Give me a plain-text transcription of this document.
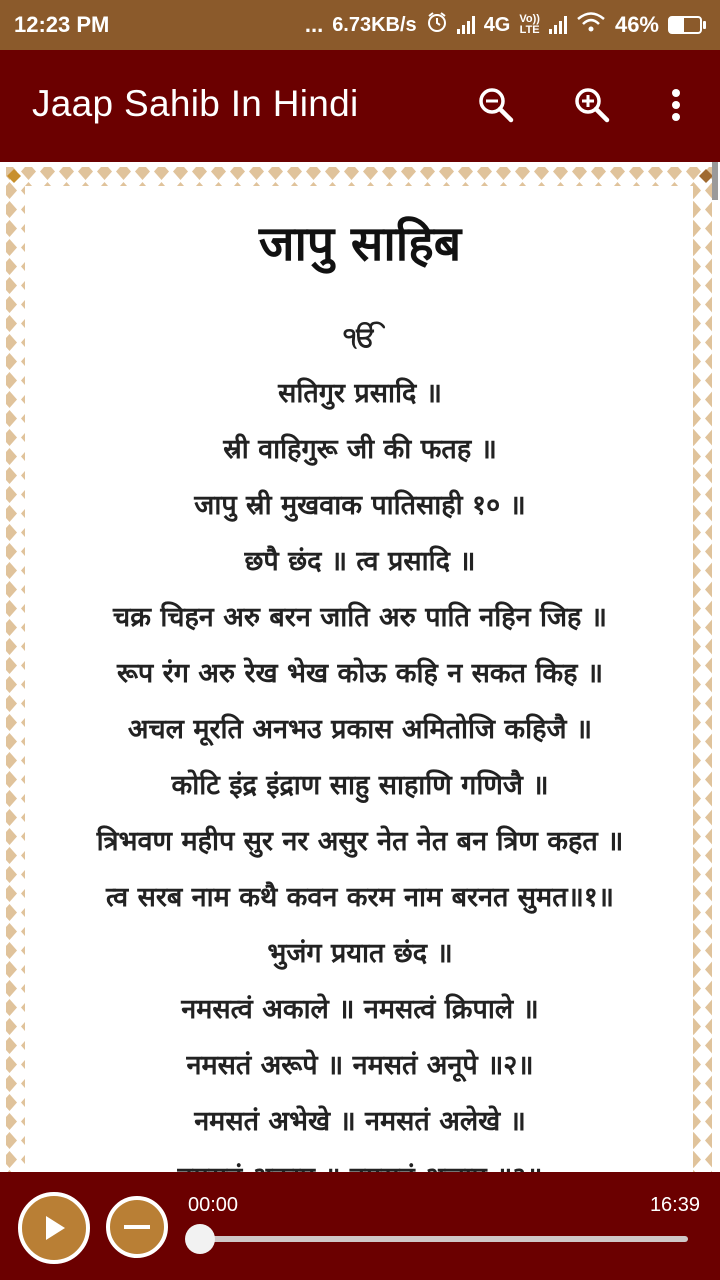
12:23 PM	... 6.73KB/s	4G Vo))
LTE	46%
Jaap Sahib In Hindi
जापु साहिब
ੴ
सतिगुर प्रसादि ॥
स्री वाहिगुरू जी की फतह ॥
जापु स्री मुखवाक पातिसाही १० ॥
छपै छंद ॥ त्व प्रसादि ॥
चक्र चिहन अरु बरन जाति अरु पाति नहिन जिह ॥
रूप रंग अरु रेख भेख कोऊ कहि न सकत किह ॥
अचल मूरति अनभउ प्रकास अमितोजि कहिजै ॥
कोटि इंद्र इंद्राण साहु साहाणि गणिजै ॥
त्रिभवण महीप सुर नर असुर नेत नेत बन त्रिण कहत ॥
त्व सरब नाम कथै कवन करम नाम बरनत सुमत॥१॥
भुजंग प्रयात छंद ॥
नमसत्वं अकाले ॥ नमसत्वं क्रिपाले ॥
नमसतं अरूपे ॥ नमसतं अनूपे ॥२॥
नमसतं अभेखे ॥ नमसतं अलेखे ॥
00:00	16:39
